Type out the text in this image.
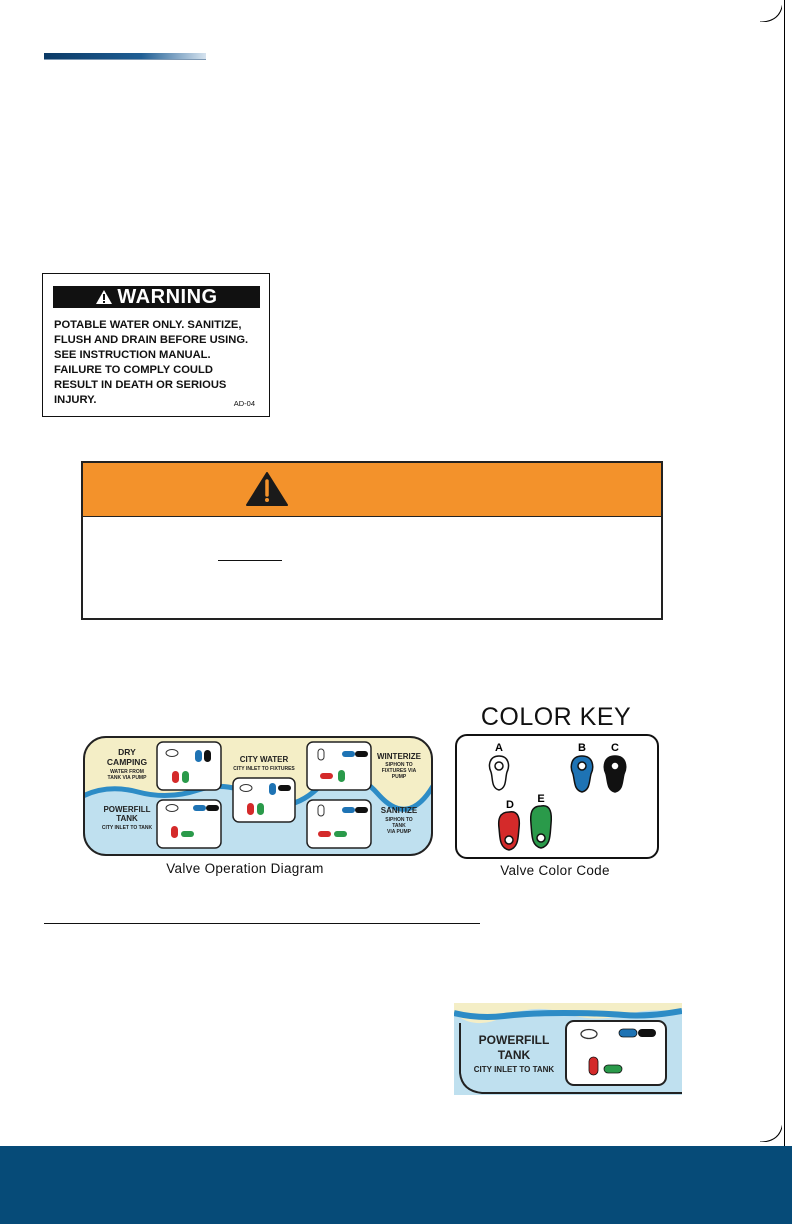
WARNING
POTABLE WATER ONLY. SANITIZE,
FLUSH AND DRAIN BEFORE USING.
SEE INSTRUCTION MANUAL.
FAILURE TO COMPLY COULD
RESULT IN DEATH OR SERIOUS
INJURY.	AD-04
DRY
CAMPING
WATER FROM
TANK VIA PUMP
CITY WATER
CITY INLET TO FIXTURES
WINTERIZE
SIPHON TO
FIXTURES VIA
PUMP
POWERFILL
TANK
CITY INLET TO TANK
SANITIZE
SIPHON TO
TANK
VIA PUMP
Valve Operation Diagram
COLOR KEY
A	B C
D E
Valve Color Code
POWERFILL
TANK
CITY INLET TO TANK
